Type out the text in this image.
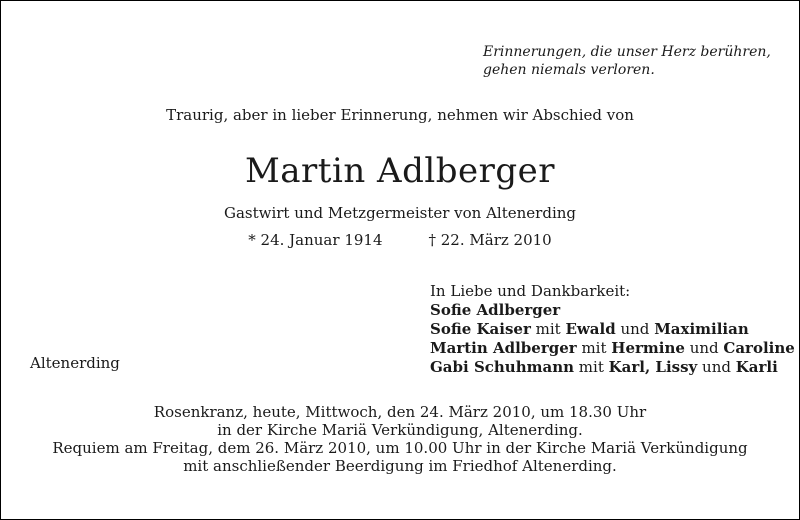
Erinnerungen, die unser Herz berühren,
gehen niemals verloren.
Traurig, aber in lieber Erinnerung, nehmen wir Abschied von
Martin Adlberger
Gastwirt und Metzgermeister von Altenerding
* 24. Januar 1914	† 22. März 2010
In Liebe und Dankbarkeit:
Sofie Adlberger
Sofie Kaiser mit Ewald und Maximilian
Martin Adlberger mit Hermine und Caroline
Gabi Schuhmann mit Karl, Lissy und Karli
Altenerding
Rosenkranz, heute, Mittwoch, den 24. März 2010, um 18.30 Uhr
in der Kirche Mariä Verkündigung, Altenerding.
Requiem am Freitag, dem 26. März 2010, um 10.00 Uhr in der Kirche Mariä Verkündigung
mit anschließender Beerdigung im Friedhof Altenerding.
